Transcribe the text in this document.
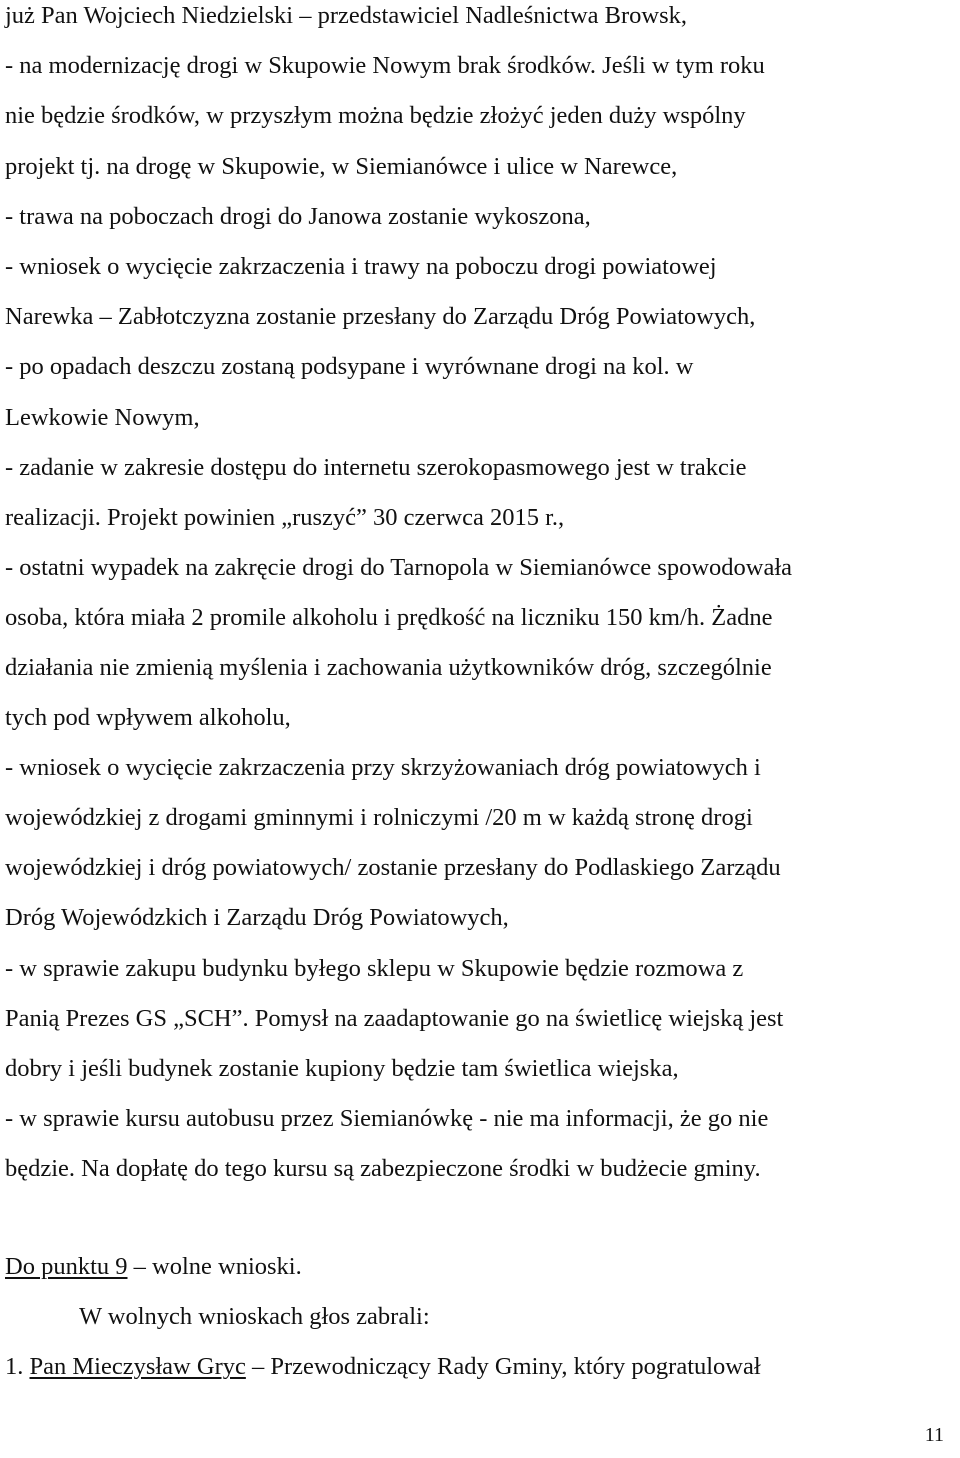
już Pan Wojciech Niedzielski – przedstawiciel Nadleśnictwa Browsk,
- na modernizację drogi w Skupowie Nowym brak środków. Jeśli w tym roku
nie będzie środków, w przyszłym można będzie złożyć jeden duży wspólny
projekt tj. na drogę w Skupowie, w Siemianówce i ulice w Narewce,
- trawa na poboczach drogi do Janowa zostanie wykoszona,
- wniosek o wycięcie zakrzaczenia i trawy na poboczu drogi powiatowej
Narewka – Zabłotczyzna zostanie przesłany do Zarządu Dróg Powiatowych,
- po opadach deszczu zostaną podsypane i wyrównane drogi na kol. w
Lewkowie Nowym,
- zadanie w zakresie dostępu do internetu szerokopasmowego jest w trakcie
realizacji. Projekt powinien „ruszyć” 30 czerwca 2015 r.,
- ostatni wypadek na zakręcie drogi do Tarnopola w Siemianówce spowodowała
osoba, która miała 2 promile alkoholu i prędkość na liczniku 150 km/h. Żadne
działania nie zmienią myślenia i zachowania użytkowników dróg, szczególnie
tych pod wpływem alkoholu,
- wniosek o wycięcie zakrzaczenia przy skrzyżowaniach dróg powiatowych i
wojewódzkiej z drogami gminnymi i rolniczymi /20 m w każdą stronę drogi
wojewódzkiej i dróg powiatowych/ zostanie przesłany do Podlaskiego Zarządu
Dróg Wojewódzkich i Zarządu Dróg Powiatowych,
- w sprawie zakupu budynku byłego sklepu w Skupowie będzie rozmowa z
Panią Prezes GS „SCH”. Pomysł na zaadaptowanie go na świetlicę wiejską jest
dobry i jeśli budynek zostanie kupiony będzie tam świetlica wiejska,
- w sprawie kursu autobusu przez Siemianówkę - nie ma informacji, że go nie
będzie. Na dopłatę do tego kursu są zabezpieczone środki w budżecie gminy.
Do punktu 9 – wolne wnioski.
W wolnych wnioskach głos zabrali:
1. Pan Mieczysław Gryc – Przewodniczący Rady Gminy, który pogratulował
11
